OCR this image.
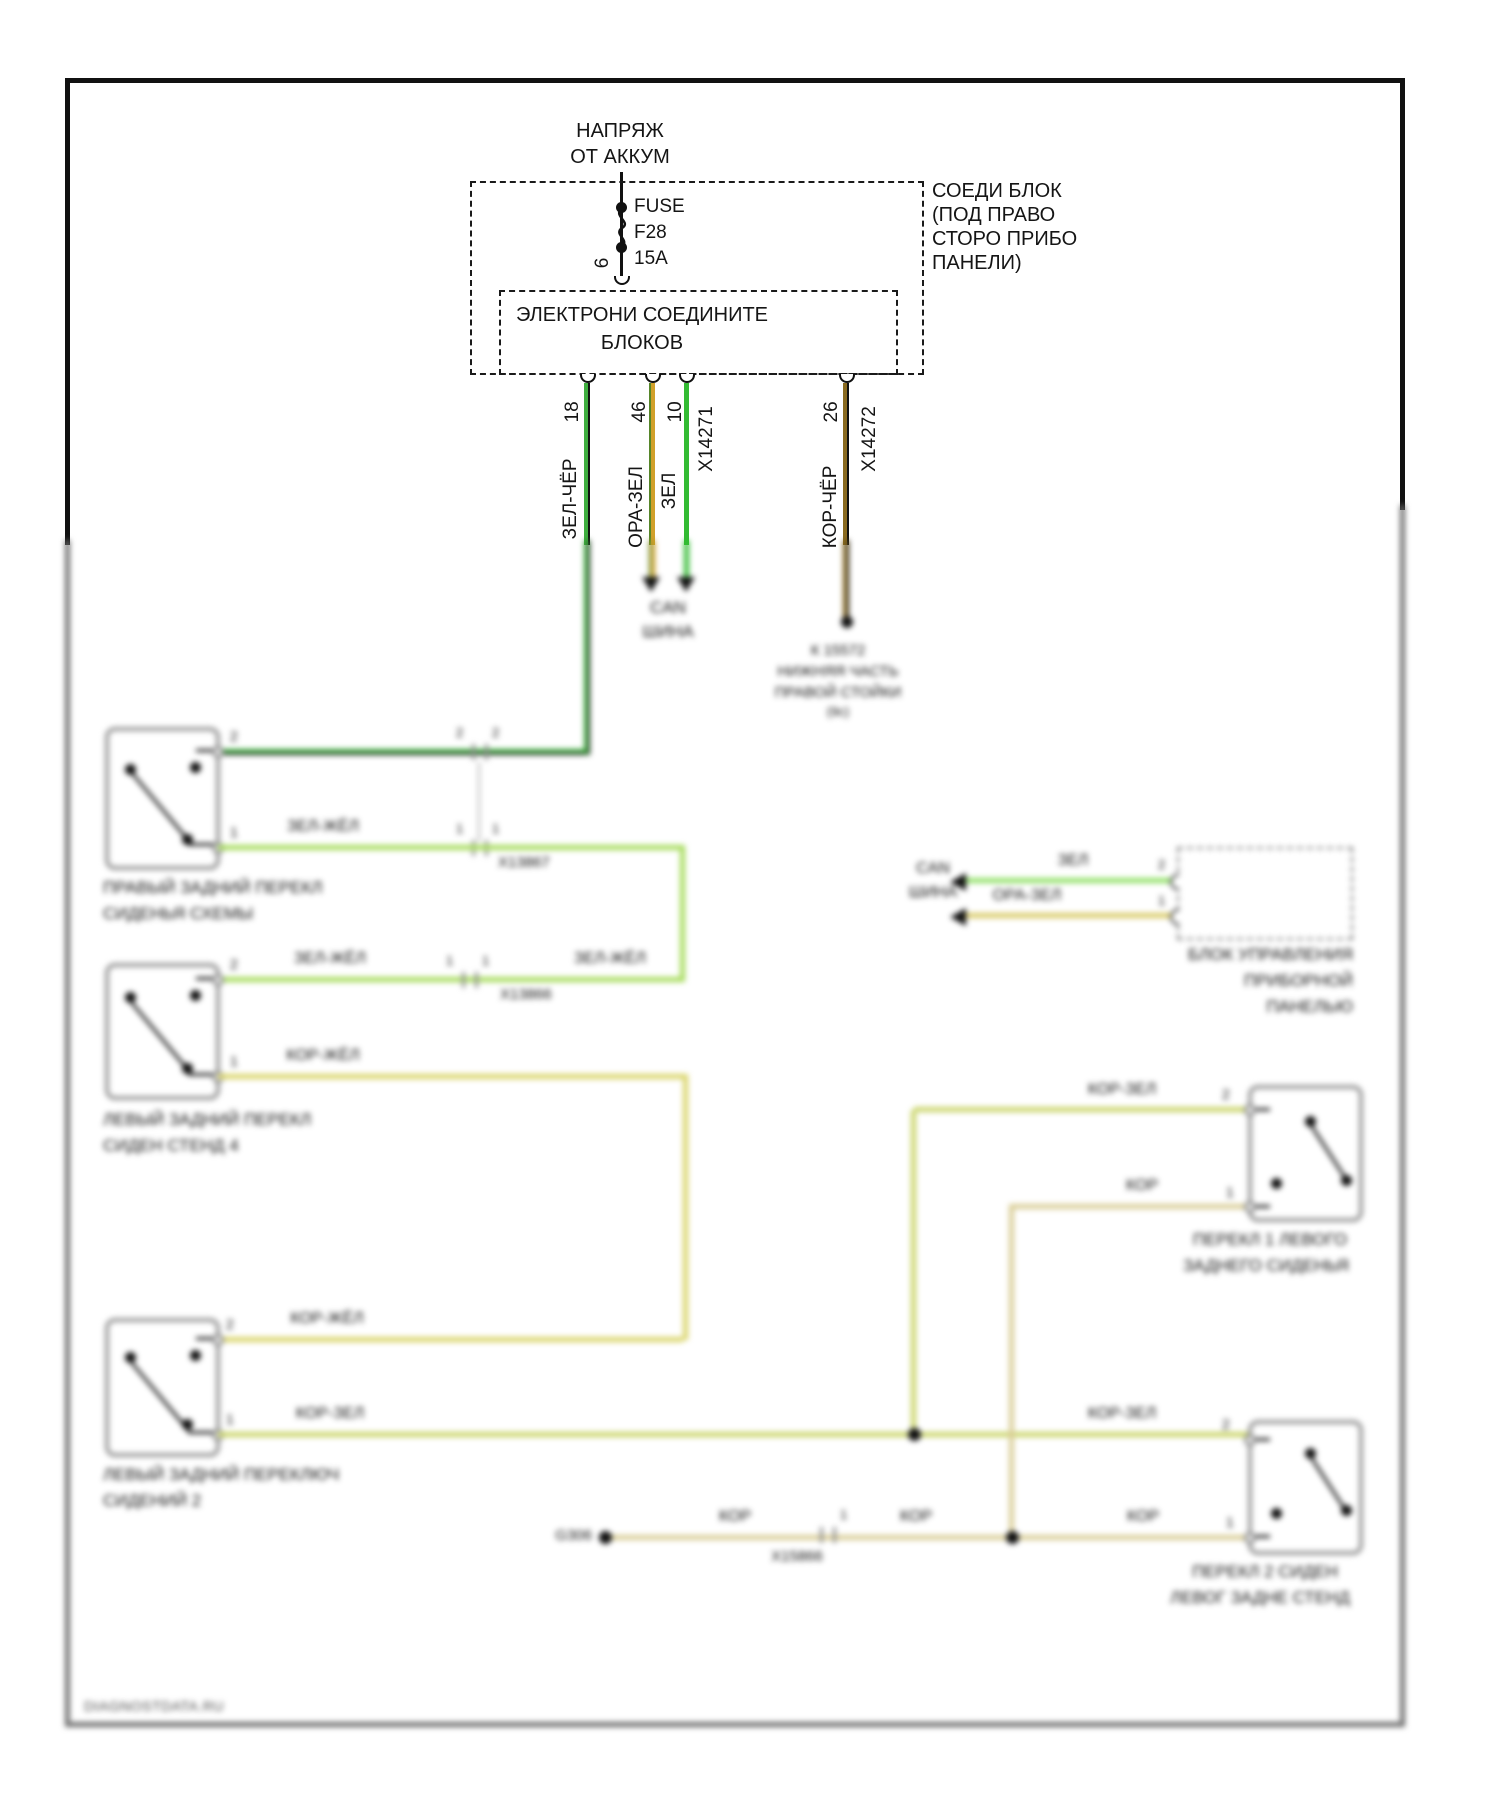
НАПРЯЖ
ОТ АККУМ
FUSE
F28
15A
6
ЭЛЕКТРОНИ СОЕДИНИТЕ
БЛОКОВ
СОЕДИ БЛОК
(ПОД ПРАВО
СТОРО ПРИБО
ПАНЕЛИ)
18 46 10	26
X14271	X14272
ЗЕЛ-ЧЁР ОРА-ЗЕЛ ЗЕЛ	КОР-ЧЁР
CAN
ШИНА
К 15572
НИЖНЯЯ ЧАСТЬ
ПРАВОЙ СТОЙКИ
(9с)
2
1
ПРАВЫЙ ЗАДНИЙ ПЕРЕКЛ
СИДЕНЬЯ СХЕМЫ
2 2
1 1
X13867
ЗЕЛ-ЖЁЛ
ЗЕЛ-ЖЁЛ	ЗЕЛ-ЖЁЛ
1 1
X13866
2
1
ЛЕВЫЙ ЗАДНИЙ ПЕРЕКЛ
СИДЕН СТЕНД 4
КОР-ЖЁЛ
КОР-ЖЁЛ
2
1
ЛЕВЫЙ ЗАДНИЙ ПЕРЕКЛЮЧ
СИДЕНИЙ 2
КОР-ЗЕЛ
КОР-ЗЕЛ
КОР-ЗЕЛ
КОР
КОР	КОР	КОР
G306
1
X15866
2
1
ПЕРЕКЛ 1 ЛЕВОГО
ЗАДНЕГО СИДЕНЬЯ
2
1
ПЕРЕКЛ 2 СИДЕН
ЛЕВОГ ЗАДНЕ СТЕНД
CAN
ШИНА
ЗЕЛ
ОРА-ЗЕЛ
2
1
БЛОК УПРАВЛЕНИЯ
ПРИБОРНОЙ
ПАНЕЛЬЮ
DIAGNOSTDATA.RU
